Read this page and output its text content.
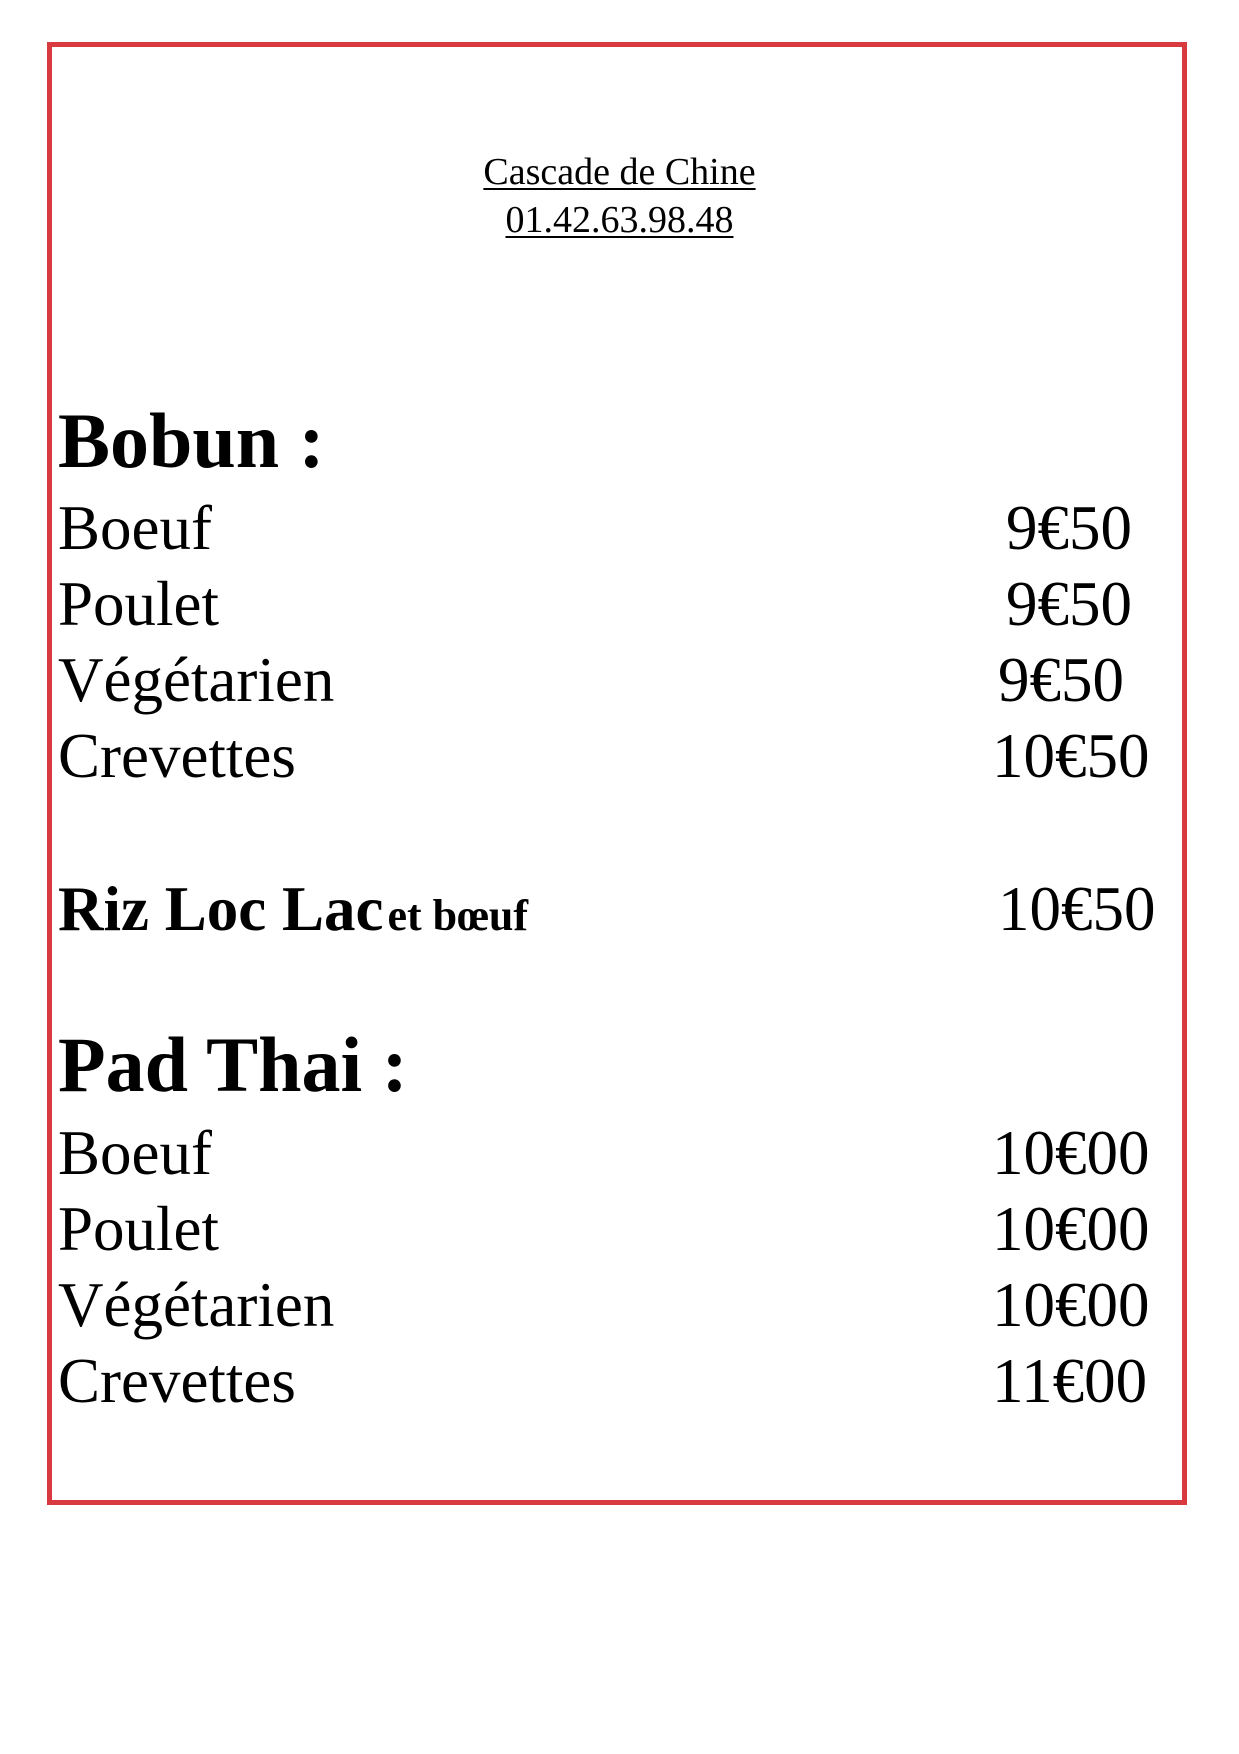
Cascade de Chine
01.42.63.98.48
Bobun :
Boeuf	9€50
Poulet	9€50
Végétarien	9€50
Crevettes	10€50
Riz Loc Lac et bœuf	10€50
Pad Thai :
Boeuf	10€00
Poulet	10€00
Végétarien	10€00
Crevettes	11€00
